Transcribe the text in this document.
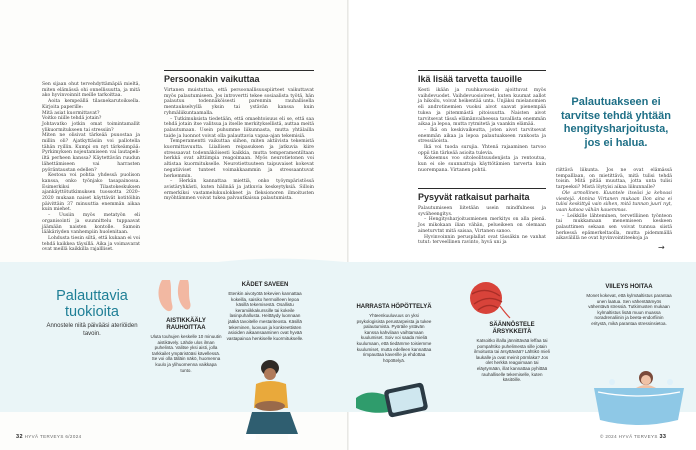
Sen sijaan ohut tervehdyttämäpiä mieltä, miten elämässä ohi onnellisuutta, ja mitä ako hyvinvoinnit meille tarkoittaa.

Aoita kempeällä tilasnekarutoiksella. Kirjoita paperille:

Mitä asiat kuormittavat?

Voitko niille tehdä jotain?

Johtavatko jotkin omat toimintamallit ylikuormitukseen tai stressiin?

Miten ne olisivat tärkeää puuostaa ja millin oli? Ajatkyttäsiin voi pallotella tähän ryillin. Kumpi on nyt tärkeämpää: Pyrkimyksen nojeutamiseen vai lautapeli-iltä perheen kanssa? Käytettävän ruudun lähettämiseen vai harrasten pyöräntaustan edellen?

Kestosa voi pohtia yhdessä puolison kanssa, onko työnjako tasapainossa. Esimerkiksi Tilastokeskuksen ajankäyttötutkimuksen tuossotta 2020–2020 mukaan naiset käyttävät kotitöihin päivittäin 37 minuuttia enemmän aikaa kuin miehet.

– Uusiin myös metatyön eli organisointi ja suunnittelu tuppaavat jäämään naisten kontolle. Samoin lääkäriyden vanhempiin huolenitaan.

Lohdusta tiesin siltä, että kukaan ei voi tehdä kaikkea täysillä. Aika ja voimavarat ovat meillä kaikkilla rajallliset.

Persoonakin vaikuttaa

Virtanen muistuttaa, että persoonallisuuspiirteet vaikuttavat myös palautumiseen. Jos introvertti tekee sosiaalista työtä, hän palautuu todennäköisesti parenmin rauhallisella mentaukselvyllä yksin tai ystävän kanssa kuin ryhmäliikuntaamalla.

– Tutkimuksista tiedetään, että omaehtoisuus eli se, että saa tehdä jotain itse valitsua ja itselle merkityksellistä, auttaa meitä palautumaan. Usein puhumme liikunnasta, mutta yhtälailla taide ja luonnot voivat olla palauttavia vapaa-ajan tekemisiä.

Temperamentti vaikuttaa siihen, miten aktiivista tekemistä kuormittavuutta. Liiallisen reipasuksen ja jatkuvia kiire stressaavat todennäköisesti kaikkia, mutta temperamentiltaan herkkä ovat alttiimpia reagoimaan. Myös neurotietonen voi altistaa kuormitukselle. Neurotiettuuteen taipuvaiset kokevat negatiiviset tunteet voimakkaammin ja stressaantuvat herkemmin.

– Herkän kannattaa miettiä, onko työympäristössä avistäryhkästi, kuten hälinää ja jatkuvia keskeytyksiä. Silloin ermerkiksi vastamelukuulokkeet ja fleksionoren ilmoitusten myöhtämmen voivat tukea palvautkaisua palautumista.

Ikä lisää tarvetta tauoille

Kesti ikään ja ruuhkavuosiin ajoittuvat myös vaihdevuodet. Vaihdevuosioireet, kuten kuumat aallot ja hikoilu, voivat heikentää unta. Unjäksi mielanomien eli androtinemien vuoksi aivot saavat pienempää tukea ja pitemmästä pitoisuutta. Naisten aivot tarvitsevat tässä elämänvaiheessa tavallista enemmän aikaa ja lepoa, mutta rytmitetä ja vaankin elämää.

– Ikä on keskivaikeutta, joten aivot tarvitsevat enemmän aikaa ja lepoa palautuakseen rankosta ja stressiäoista.

Ikä voi tuoda surujia. Yhtenä rajaaminen tarvoo oppii tän tärkeää asioita tulevia.

Kokeemus voo sitoleolitsuudenjista ja rentoutua, kun ei ole suunnattuja käyttötämien tarverta kuin nuorempana. Virtanen pohtii.

Pysyvät ratkaisut parhaita

Palautumiseen liitetään usein mindfulness ja syväheengitys.

– Hengitysharjoitusmienen merkitys on alla pienä. Jos mikokaan ilian vähän, pelueikeen on olemaan aineturvtnt mitä saisaa, Virtanen sanoo.

Hyvinvoinnin perusplallat ovat tässäkin ne vanhat tutut: terveellinen ravinto, hyvä uni ja

Palautuakseen ei tarvitse tehdä yhtään hengitysharjoitusta, jos ei halua.

riittävä liikunta. Jos ne ovat elämässä tempalllaan, on mietittävä, mitä tulisi tehdä toisin. Mitä pitää muuttaa, jotta unta tulisi tarpeeksi? Mistä löytyisi aikaa liikunnalle?

Ole armollinen. Kuuntele itseäsi ja kehoasi viestejä. Annina Virtanen mukaan Ilon aina ei tulisi keskittyä vain siihen, mitä tunnan juuri nyt, vaan katsoa vähän kauemmas.

– Leikkille lähteminen, tervetlliinen työnteon tai mukkamaan menemiseen keskeen palauttimen sekaan sen voivat tunnua siistä herkessä epämerkeltaolla, mutta pidemmällä aikavälillä ne ovat hyvinvointiteekoja ja

→
Palauttavia tuokioita
Annostele niitä päivääsi ateriöiden tavoin.
AISTIKKÄÄLY RAUHOITTAA
Uluta touhujen keskelle 10 minuutin aistikävely. Lähde ulos ilman puhelinta. Valitse yksi aisti, jolla tarkkailet ympäristöäsi kävellessä. Se voi olla tälläin näkö, huomenna kuulo ja ylihuomenna vaikkapa tunto.
KÄDET SAVEEN
Etenkin aivotyötä tekevien kannattaa kokeilla, saisiko hermoilleen lepoa käsillä tekemisestä. Osallistu keramiikkakurssille tai kokeile lasinpuhallusta. Heittäydy luonnaan jääkä tavoitelle mestariteosta. Käsillä tekeminen, luovuus ja konkreettisten asioiden aikaansaaminen ovat hyvää vastapainoa henkiselle kuormitukselle.
HARRASTA HÖPÖTTELYÄ
Yhteenkuuluvuus on yksi psykologisista perustarpeista ja tukee palautumista. Pyöräile ystävän kanssa kahvilaan vaihtamaan kuulumiset. Soiv voi saada mieliä kuulumaan, että tiedämme toisiemme kuulumiset, mutta edelleen kannattaa rimpauttaa kaverille ja ehdottaa höpöttelyä.
SÄÄNNÖSTELE ÄRSYKKEITÄ
Katsoitko illalla jännittävää leffaa tai pompahtiko puhelimesta sille jotain ilmoitusta tai ärsyttävää? Lähtikö mieli laukalle ja ovat meinit pörnlaka? Jos olet herkkä reagoimaan tai eläytymään, illat kannattaa pyhittää rauhalliselle tekemiselle, kuten käsitöille.
VIILEYS HOITAA
Monet kokevat, että kylmäaltistus parantaa unen laatua. Sen vähentäämyös vähentävä stressiä. Tutkimusten mukaan kylmaltistus lisää muun muassa noradrenaliinin ja beeta-endorfiinin eritystä, mikä parantaa stressinsietoa.
32 HYVÄ TERVEYS 6/2024	© 2024 HYVÄ TERVEYS 33
